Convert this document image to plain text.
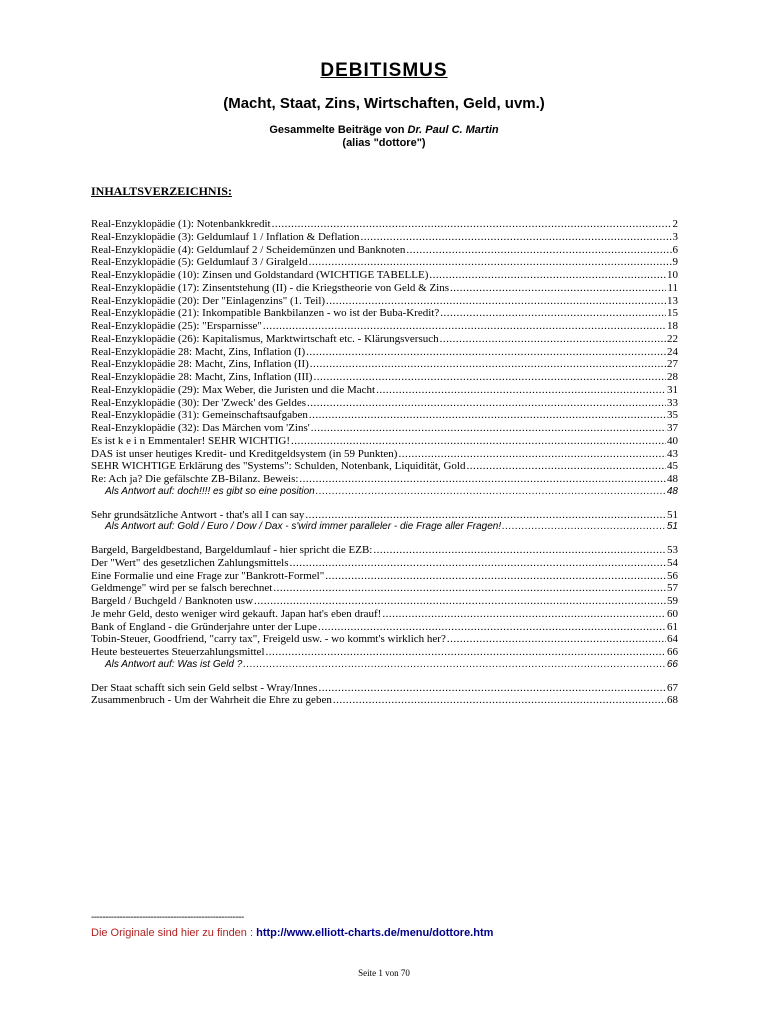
DEBITISMUS
(Macht, Staat, Zins, Wirtschaften, Geld, uvm.)
Gesammelte Beiträge von Dr. Paul C. Martin
(alias "dottore")
INHALTSVERZEICHNIS:
Real-Enzyklopädie (1): Notenbankkredit .....	2
Real-Enzyklopädie (3): Geldumlauf 1 / Inflation & Deflation .....	3
Real-Enzyklopädie (4): Geldumlauf 2 / Scheidemünzen und Banknoten .....	6
Real-Enzyklopädie (5): Geldumlauf 3 / Giralgeld .....	9
Real-Enzyklopädie (10): Zinsen und Goldstandard (WICHTIGE TABELLE) .....	10
Real-Enzyklopädie (17): Zinsentstehung (II) - die Kriegstheorie von Geld & Zins .....	11
Real-Enzyklopädie (20): Der "Einlagenzins" (1. Teil) .....	13
Real-Enzyklopädie (21): Inkompatible Bankbilanzen - wo ist der Buba-Kredit? .....	15
Real-Enzyklopädie (25): "Ersparnisse" .....	18
Real-Enzyklopädie (26): Kapitalismus, Marktwirtschaft etc. - Klärungsversuch .....	22
Real-Enzyklopädie 28: Macht, Zins, Inflation (I) .....	24
Real-Enzyklopädie 28: Macht, Zins, Inflation (II) .....	27
Real-Enzyklopädie 28: Macht, Zins, Inflation (III) .....	28
Real-Enzyklopädie (29): Max Weber, die Juristen und die Macht .....	31
Real-Enzyklopädie (30): Der 'Zweck' des Geldes .....	33
Real-Enzyklopädie (31): Gemeinschaftsaufgaben .....	35
Real-Enzyklopädie (32): Das Märchen vom 'Zins' .....	37
Es ist k e i n Emmentaler! SEHR WICHTIG! .....	40
DAS ist unser heutiges Kredit- und Kreditgeldsystem (in 59 Punkten) .....	43
SEHR WICHTIGE Erklärung des "Systems": Schulden, Notenbank, Liquidität, Gold .....	45
Re: Ach ja? Die gefälschte ZB-Bilanz. Beweis: .....	48
Als Antwort auf: doch!!!! es gibt so eine position .....	48
Sehr grundsätzliche Antwort - that's all I can say .....	51
Als Antwort auf: Gold / Euro / Dow / Dax - s'wird immer paralleler - die Frage aller Fragen! .....	51
Bargeld, Bargeldbestand, Bargeldumlauf - hier spricht die EZB: .....	53
Der "Wert" des gesetzlichen Zahlungsmittels .....	54
Eine Formalie und eine Frage zur "Bankrott-Formel" .....	56
Geldmenge" wird per se falsch berechnet .....	57
Bargeld / Buchgeld / Banknoten usw .....	59
Je mehr Geld, desto weniger wird gekauft. Japan hat's eben drauf! .....	60
Bank of England - die Gründerjahre unter der Lupe .....	61
Tobin-Steuer, Goodfriend, "carry tax", Freigeld usw. - wo kommt's wirklich her? .....	64
Heute besteuertes Steuerzahlungsmittel .....	66
Als Antwort auf: Was ist Geld ? .....	66
Der Staat schafft sich sein Geld selbst - Wray/Innes .....	67
Zusammenbruch - Um der Wahrheit die Ehre zu geben .....	68
------------------------------------------------------
Die Originale sind hier zu finden : http://www.elliott-charts.de/menu/dottore.htm
Seite 1 von 70
